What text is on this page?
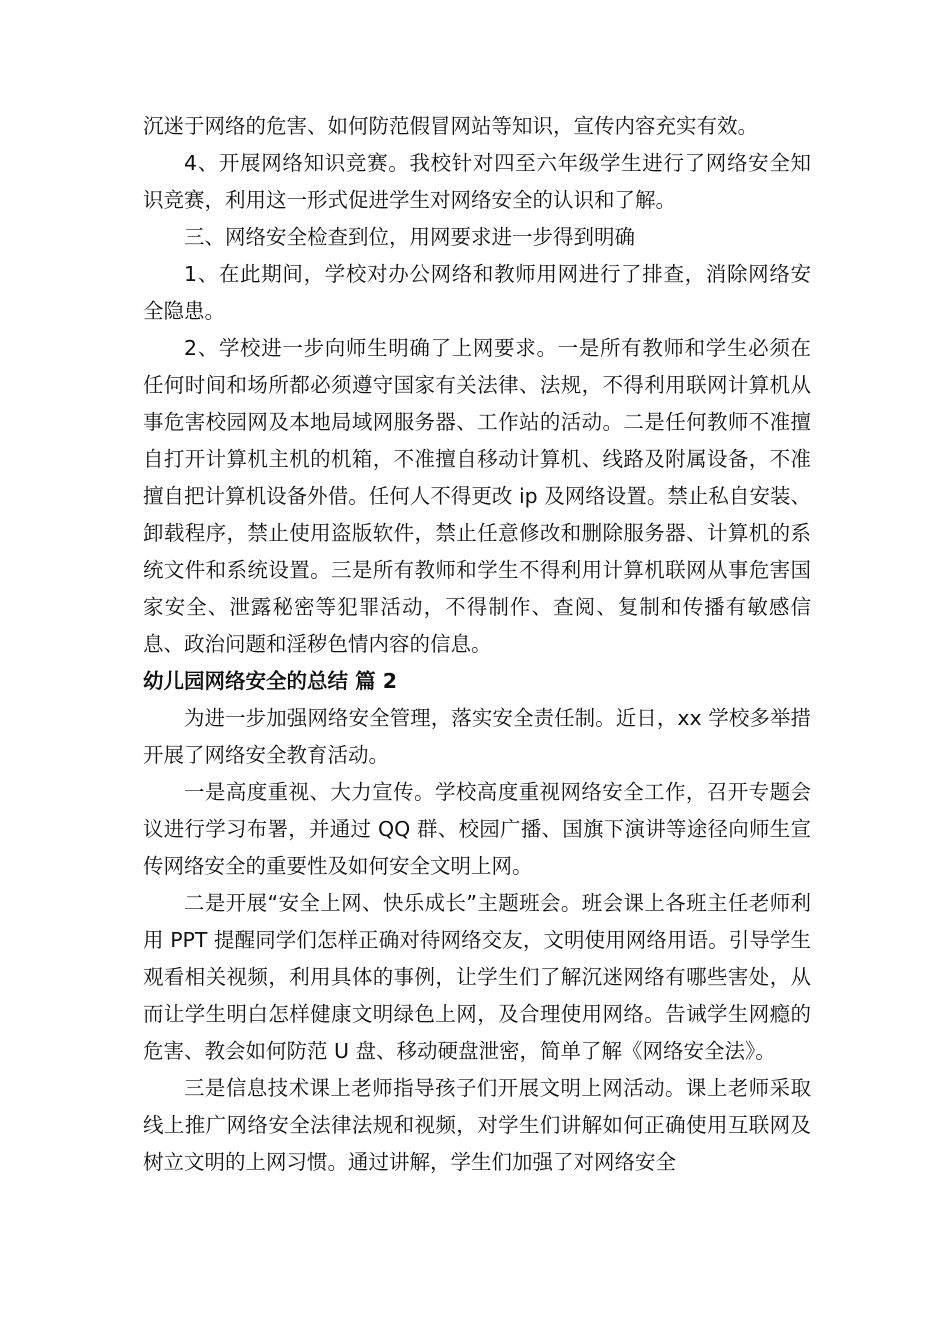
沉迷于网络的危害、如何防范假冒网站等知识，宣传内容充实有效。

4、开展网络知识竞赛。我校针对四至六年级学生进行了网络安全知识竞赛，利用这一形式促进学生对网络安全的认识和了解。

三、网络安全检查到位，用网要求进一步得到明确

1、在此期间，学校对办公网络和教师用网进行了排查，消除网络安全隐患。

2、学校进一步向师生明确了上网要求。一是所有教师和学生必须在任何时间和场所都必须遵守国家有关法律、法规，不得利用联网计算机从事危害校园网及本地局域网服务器、工作站的活动。二是任何教师不准擅自打开计算机主机的机箱，不准擅自移动计算机、线路及附属设备，不准擅自把计算机设备外借。任何人不得更改 ip 及网络设置。禁止私自安装、卸载程序，禁止使用盗版软件，禁止任意修改和删除服务器、计算机的系统文件和系统设置。三是所有教师和学生不得利用计算机联网从事危害国家安全、泄露秘密等犯罪活动，不得制作、查阅、复制和传播有敏感信息、政治问题和淫秽色情内容的信息。

幼儿园网络安全的总结 篇 2

为进一步加强网络安全管理，落实安全责任制。近日，xx 学校多举措开展了网络安全教育活动。

一是高度重视、大力宣传。学校高度重视网络安全工作，召开专题会议进行学习布署，并通过 QQ 群、校园广播、国旗下演讲等途径向师生宣传网络安全的重要性及如何安全文明上网。

二是开展“安全上网、快乐成长”主题班会。班会课上各班主任老师利用 PPT 提醒同学们怎样正确对待网络交友，文明使用网络用语。引导学生观看相关视频，利用具体的事例，让学生们了解沉迷网络有哪些害处，从而让学生明白怎样健康文明绿色上网，及合理使用网络。告诫学生网瘾的危害、教会如何防范 U 盘、移动硬盘泄密，简单了解《网络安全法》。

三是信息技术课上老师指导孩子们开展文明上网活动。课上老师采取线上推广网络安全法律法规和视频，对学生们讲解如何正确使用互联网及树立文明的上网习惯。通过讲解，学生们加强了对网络安全
